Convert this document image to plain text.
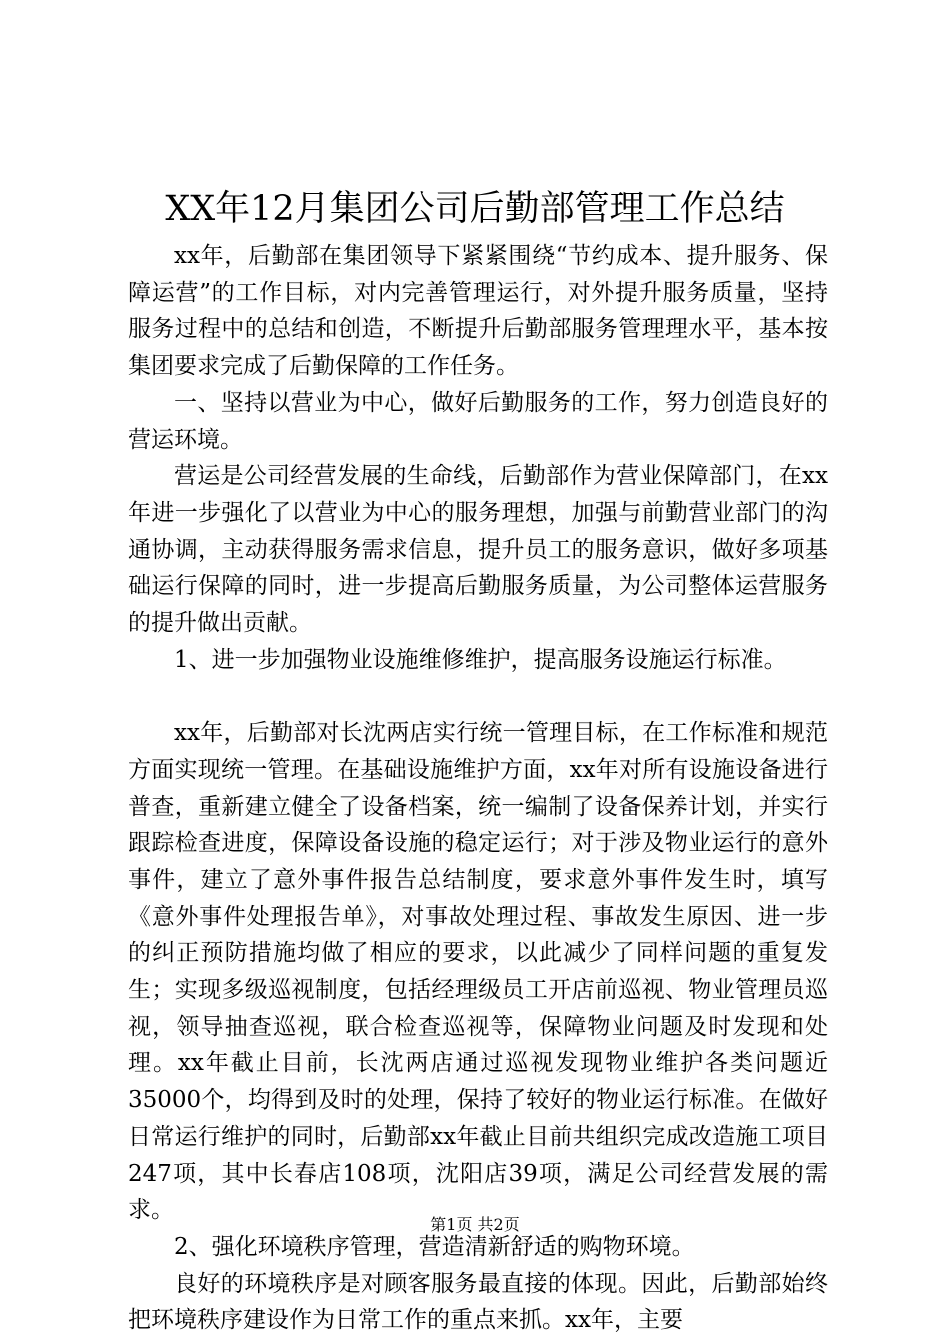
XX年12月集团公司后勤部管理工作总结

xx年，后勤部在集团领导下紧紧围绕“节约成本、提升服务、保障运营”的工作目标，对内完善管理运行，对外提升服务质量，坚持服务过程中的总结和创造，不断提升后勤部服务管理理水平，基本按集团要求完成了后勤保障的工作任务。

一、坚持以营业为中心，做好后勤服务的工作，努力创造良好的营运环境。

营运是公司经营发展的生命线，后勤部作为营业保障部门，在xx年进一步强化了以营业为中心的服务理想，加强与前勤营业部门的沟通协调，主动获得服务需求信息，提升员工的服务意识，做好多项基础运行保障的同时，进一步提高后勤服务质量，为公司整体运营服务的提升做出贡献。

1、进一步加强物业设施维修维护，提高服务设施运行标准。

xx年，后勤部对长沈两店实行统一管理目标，在工作标准和规范方面实现统一管理。在基础设施维护方面，xx年对所有设施设备进行普查，重新建立健全了设备档案，统一编制了设备保养计划，并实行跟踪检查进度，保障设备设施的稳定运行；对于涉及物业运行的意外事件，建立了意外事件报告总结制度，要求意外事件发生时，填写《意外事件处理报告单》，对事故处理过程、事故发生原因、进一步的纠正预防措施均做了相应的要求，以此减少了同样问题的重复发生；实现多级巡视制度，包括经理级员工开店前巡视、物业管理员巡视，领导抽查巡视，联合检查巡视等，保障物业问题及时发现和处理。xx年截止目前，长沈两店通过巡视发现物业维护各类问题近35000个，均得到及时的处理，保持了较好的物业运行标准。在做好日常运行维护的同时，后勤部xx年截止目前共组织完成改造施工项目247项，其中长春店108项，沈阳店39项，满足公司经营发展的需求。

2、强化环境秩序管理，营造清新舒适的购物环境。

良好的环境秩序是对顾客服务最直接的体现。因此，后勤部始终把环境秩序建设作为日常工作的重点来抓。xx年，主要

第1页 共2页
